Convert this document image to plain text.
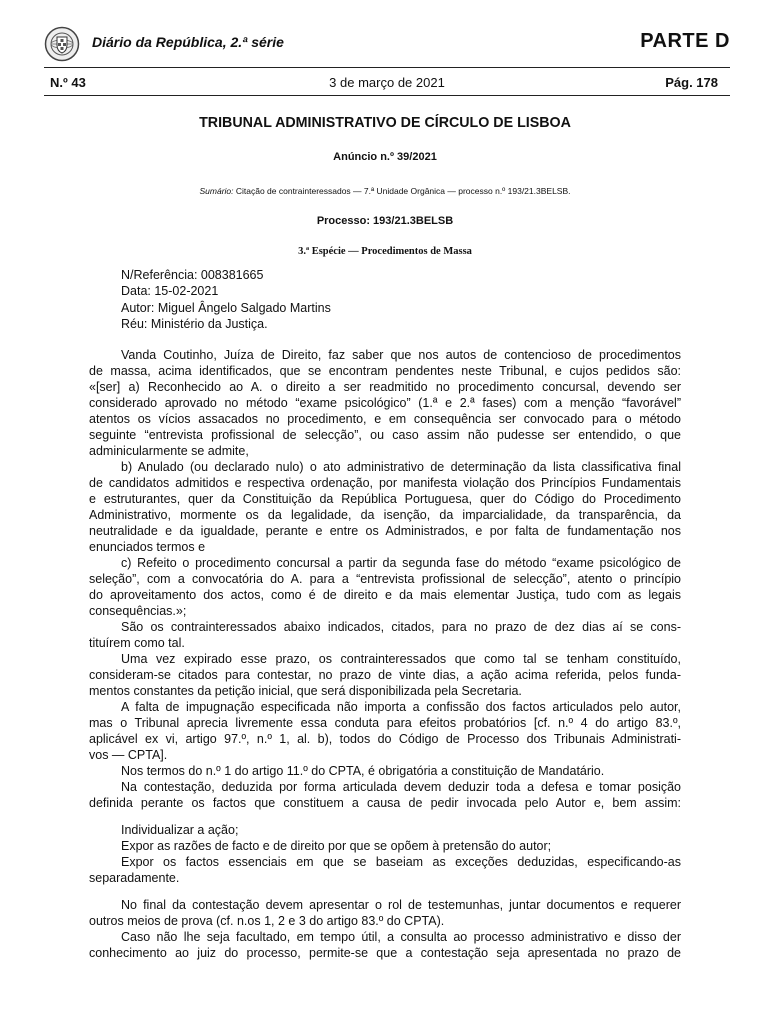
Diário da República, 2.ª série	PARTE D
N.º 43	3 de março de 2021	Pág. 178
TRIBUNAL ADMINISTRATIVO DE CÍRCULO DE LISBOA
Anúncio n.º 39/2021
Sumário: Citação de contrainteressados — 7.ª Unidade Orgânica — processo n.º 193/21.3BELSB.
Processo: 193/21.3BELSB
3.ª Espécie — Procedimentos de Massa
N/Referência: 008381665
Data: 15-02-2021
Autor: Miguel Ângelo Salgado Martins
Réu: Ministério da Justiça.
Vanda Coutinho, Juíza de Direito, faz saber que nos autos de contencioso de procedimentos
de massa, acima identificados, que se encontram pendentes neste Tribunal, e cujos pedidos são:
«[ser] a) Reconhecido ao A. o direito a ser readmitido no procedimento concursal, devendo ser
considerado aprovado no método “exame psicológico” (1.ª e 2.ª fases) com a menção “favorável”
atentos os vícios assacados no procedimento, e em consequência ser convocado para o método
seguinte “entrevista profissional de selecção”, ou caso assim não pudesse ser entendido, o que
adminicularmente se admite,
b) Anulado (ou declarado nulo) o ato administrativo de determinação da lista classificativa final
de candidatos admitidos e respectiva ordenação, por manifesta violação dos Princípios Fundamentais
e estruturantes, quer da Constituição da República Portuguesa, quer do Código do Procedimento
Administrativo, mormente os da legalidade, da isenção, da imparcialidade, da transparência, da
neutralidade e da igualdade, perante e entre os Administrados, e por falta de fundamentação nos
enunciados termos e
c) Refeito o procedimento concursal a partir da segunda fase do método “exame psicológico de
seleção”, com a convocatória do A. para a “entrevista profissional de selecção”, atento o princípio
do aproveitamento dos actos, como é de direito e da mais elementar Justiça, tudo com as legais
consequências.»;
São os contrainteressados abaixo indicados, citados, para no prazo de dez dias aí se cons-
tituírem como tal.
Uma vez expirado esse prazo, os contrainteressados que como tal se tenham constituído,
consideram-se citados para contestar, no prazo de vinte dias, a ação acima referida, pelos funda-
mentos constantes da petição inicial, que será disponibilizada pela Secretaria.
A falta de impugnação especificada não importa a confissão dos factos articulados pelo autor,
mas o Tribunal aprecia livremente essa conduta para efeitos probatórios [cf. n.º 4 do artigo 83.º,
aplicável ex vi, artigo 97.º, n.º 1, al. b), todos do Código de Processo dos Tribunais Administrati-
vos — CPTA].
Nos termos do n.º 1 do artigo 11.º do CPTA, é obrigatória a constituição de Mandatário.
Na contestação, deduzida por forma articulada devem deduzir toda a defesa e tomar posição
definida perante os factos que constituem a causa de pedir invocada pelo Autor e, bem assim:
Individualizar a ação;
Expor as razões de facto e de direito por que se opõem à pretensão do autor;
Expor os factos essenciais em que se baseiam as exceções deduzidas, especificando-as
separadamente.
No final da contestação devem apresentar o rol de testemunhas, juntar documentos e requerer
outros meios de prova (cf. n.os 1, 2 e 3 do artigo 83.º do CPTA).
Caso não lhe seja facultado, em tempo útil, a consulta ao processo administrativo e disso der
conhecimento ao juiz do processo, permite-se que a contestação seja apresentada no prazo de
